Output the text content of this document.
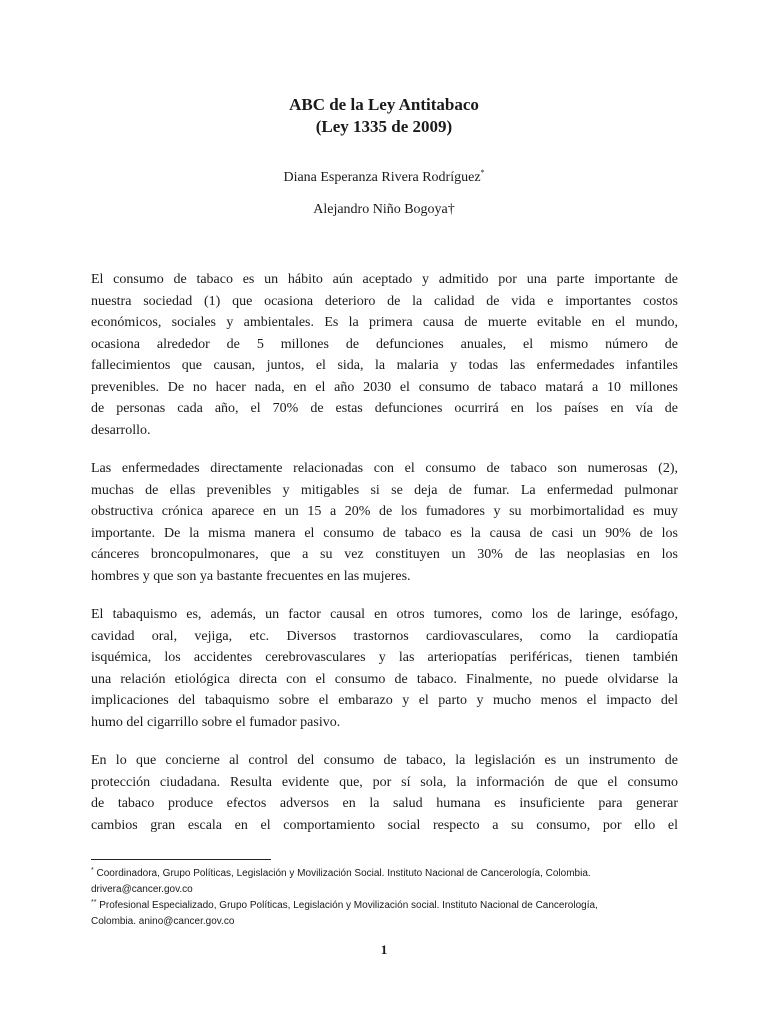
ABC de la Ley Antitabaco
(Ley 1335 de 2009)
Diana Esperanza Rivera Rodríguez*
Alejandro Niño Bogoya†
El consumo de tabaco es un hábito aún aceptado y admitido por una parte importante de
nuestra sociedad (1) que ocasiona deterioro de la calidad de vida e importantes costos
económicos, sociales y ambientales. Es la primera causa de muerte evitable en el mundo,
ocasiona alrededor de 5 millones de defunciones anuales, el mismo número de
fallecimientos que causan, juntos, el sida, la malaria y todas las enfermedades infantiles
prevenibles. De no hacer nada, en el año 2030 el consumo de tabaco matará a 10 millones
de personas cada año, el 70% de estas defunciones ocurrirá en los países en vía de
desarrollo.
Las enfermedades directamente relacionadas con el consumo de tabaco son numerosas (2),
muchas de ellas prevenibles y mitigables si se deja de fumar. La enfermedad pulmonar
obstructiva crónica aparece en un 15 a 20% de los fumadores y su morbimortalidad es muy
importante. De la misma manera el consumo de tabaco es la causa de casi un 90% de los
cánceres broncopulmonares, que a su vez constituyen un 30% de las neoplasias en los
hombres y que son ya bastante frecuentes en las mujeres.
El tabaquismo es, además, un factor causal en otros tumores, como los de laringe, esófago,
cavidad oral, vejiga, etc. Diversos trastornos cardiovasculares, como la cardiopatía
isquémica, los accidentes cerebrovasculares y las arteriopatías periféricas, tienen también
una relación etiológica directa con el consumo de tabaco. Finalmente, no puede olvidarse la
implicaciones del tabaquismo sobre el embarazo y el parto y mucho menos el impacto del
humo del cigarrillo sobre el fumador pasivo.
En lo que concierne al control del consumo de tabaco, la legislación es un instrumento de
protección ciudadana. Resulta evidente que, por sí sola, la información de que el consumo
de tabaco produce efectos adversos en la salud humana es insuficiente para generar
cambios gran escala en el comportamiento social respecto a su consumo, por ello el
* Coordinadora, Grupo Políticas, Legislación y Movilización Social. Instituto Nacional de Cancerología, Colombia.
drivera@cancer.gov.co
** Profesional Especializado, Grupo Políticas, Legislación y Movilización social. Instituto Nacional de Cancerología,
Colombia. anino@cancer.gov.co
1
